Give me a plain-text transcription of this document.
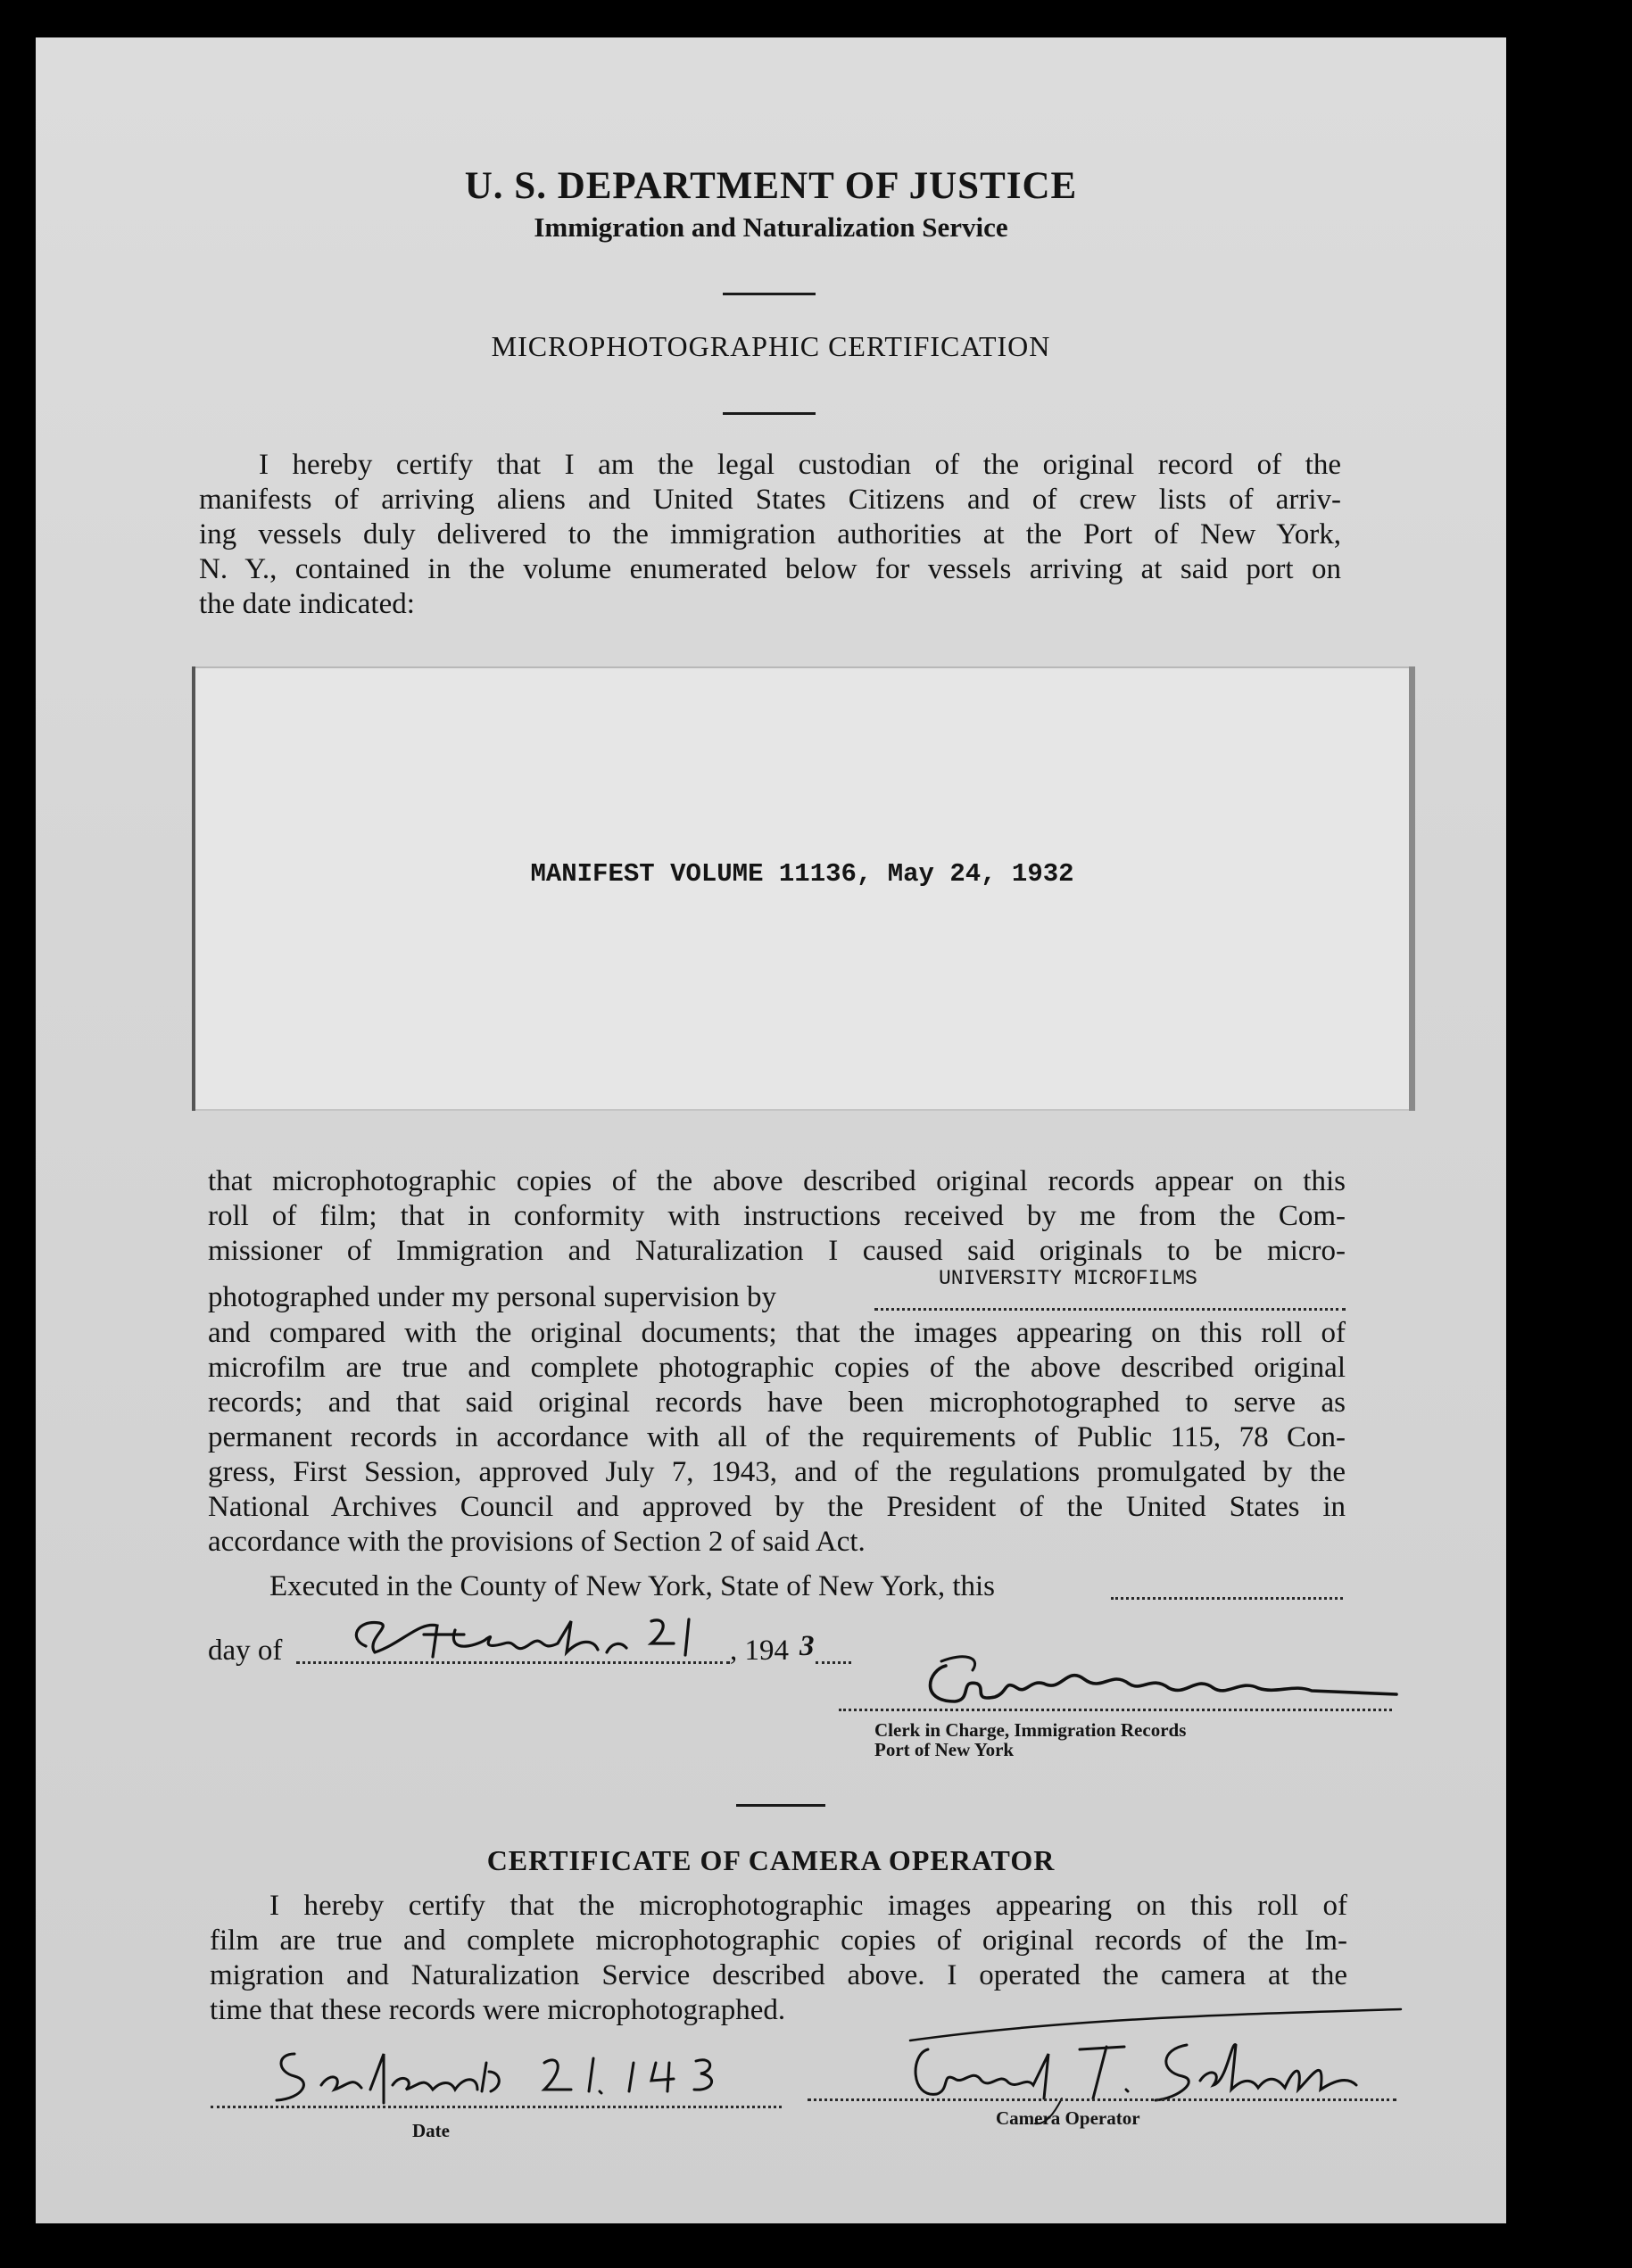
U. S. DEPARTMENT OF JUSTICE
Immigration and Naturalization Service
MICROPHOTOGRAPHIC CERTIFICATION
I hereby certify that I am the legal custodian of the original record of the
manifests of arriving aliens and United States Citizens and of crew lists of arriv-
ing vessels duly delivered to the immigration authorities at the Port of New York,
N. Y., contained in the volume enumerated below for vessels arriving at said port on
the date indicated:
MANIFEST VOLUME 11136, May 24, 1932
that microphotographic copies of the above described original records appear on this
roll of film; that in conformity with instructions received by me from the Com-
missioner of Immigration and Naturalization I caused said originals to be micro-
photographed under my personal supervision by
UNIVERSITY MICROFILMS
and compared with the original documents; that the images appearing on this roll of
microfilm are true and complete photographic copies of the above described original
records; and that said original records have been microphotographed to serve as
permanent records in accordance with all of the requirements of Public 115, 78 Con-
gress, First Session, approved July 7, 1943, and of the regulations promulgated by the
National Archives Council and approved by the President of the United States in
accordance with the provisions of Section 2 of said Act.
Executed in the County of New York, State of New York, this
day of	, 194 3
Clerk in Charge, Immigration Records
Port of New York
CERTIFICATE OF CAMERA OPERATOR
I hereby certify that the microphotographic images appearing on this roll of
film are true and complete microphotographic copies of original records of the Im-
migration and Naturalization Service described above. I operated the camera at the
time that these records were microphotographed.
Date
Camera Operator
